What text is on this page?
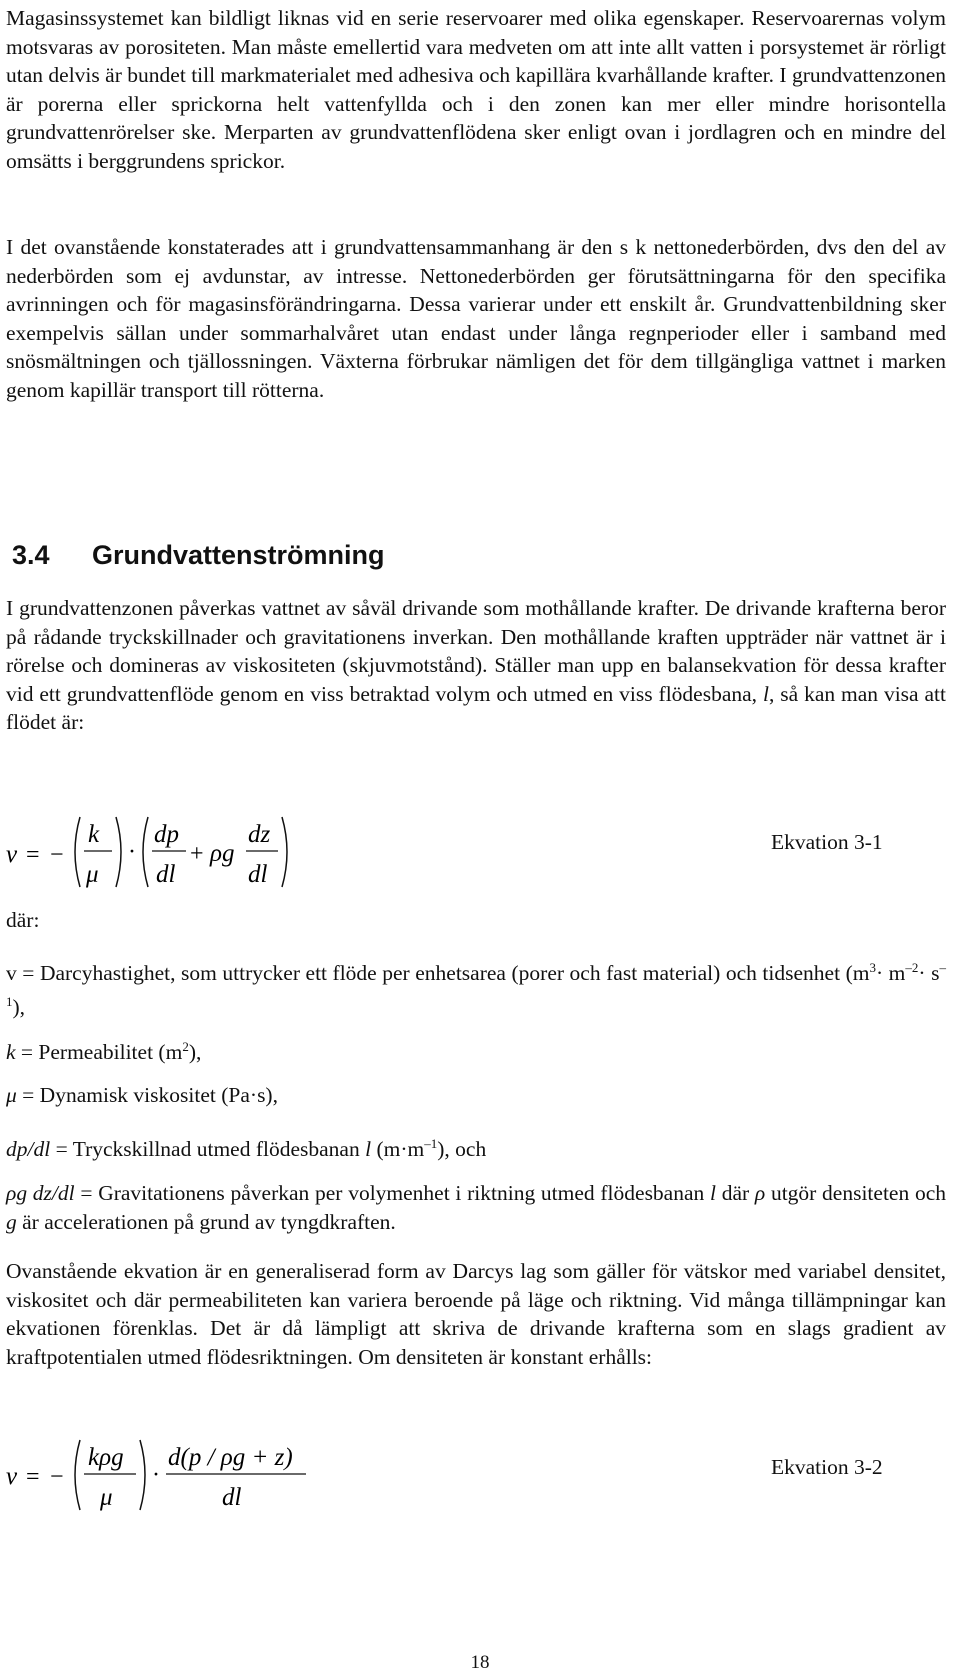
Magasinssystemet kan bildligt liknas vid en serie reservoarer med olika egenskaper. Reservoarernas volym motsvaras av porositeten. Man måste emellertid vara medveten om att inte allt vatten i porsystemet är rörligt utan delvis är bundet till markmaterialet med adhesiva och kapillära kvarhållande krafter. I grundvattenzonen är porerna eller sprickorna helt vattenfyllda och i den zonen kan mer eller mindre horisontella grundvattenrörelser ske. Merparten av grundvattenflödena sker enligt ovan i jordlagren och en mindre del omsätts i berggrundens sprickor.

I det ovanstående konstaterades att i grundvattensammanhang är den s k nettonederbörden, dvs den del av nederbörden som ej avdunstar, av intresse. Nettonederbörden ger förutsättningarna för den specifika avrinningen och för magasinsförändringarna. Dessa varierar under ett enskilt år. Grundvattenbildning sker exempelvis sällan under sommarhalvåret utan endast under långa regnperioder eller i samband med snösmältningen och tjällossningen. Växterna förbrukar nämligen det för dem tillgängliga vattnet i marken genom kapillär transport till rötterna.

3.4 Grundvattenströmning

I grundvattenzonen påverkas vattnet av såväl drivande som mothållande krafter. De drivande krafterna beror på rådande tryckskillnader och gravitationens inverkan. Den mothållande kraften uppträder när vattnet är i rörelse och domineras av viskositeten (skjuvmotstånd). Ställer man upp en balansekvation för dessa krafter vid ett grundvattenflöde genom en viss betraktad volym och utmed en viss flödesbana, l, så kan man visa att flödet är:

v = −
k
μ
·
dp
dl
+ ρg
dz
dl
Ekvation 3-1

där:

v = Darcyhastighet, som uttrycker ett flöde per enhetsarea (porer och fast material) och tidsenhet $(m^3\cdot m^{-2}\cdot s^{-1})$,

k = Permeabilitet $(m^2)$,

μ = Dynamisk viskositet (Pa·s),

dp/dl = Tryckskillnad utmed flödesbanan l $(m\cdot m^{-1})$, och

ρg dz/dl = Gravitationens påverkan per volymenhet i riktning utmed flödesbanan l där ρ utgör densiteten och g är accelerationen på grund av tyngdkraften.

Ovanstående ekvation är en generaliserad form av Darcys lag som gäller för vätskor med variabel densitet, viskositet och där permeabiliteten kan variera beroende på läge och riktning. Vid många tillämpningar kan ekvationen förenklas. Det är då lämpligt att skriva de drivande krafterna som en slags gradient av kraftpotentialen utmed flödesriktningen. Om densiteten är konstant erhålls:

v = −
kρg
μ
·
d(p / ρg + z)
dl
Ekvation 3-2
18
